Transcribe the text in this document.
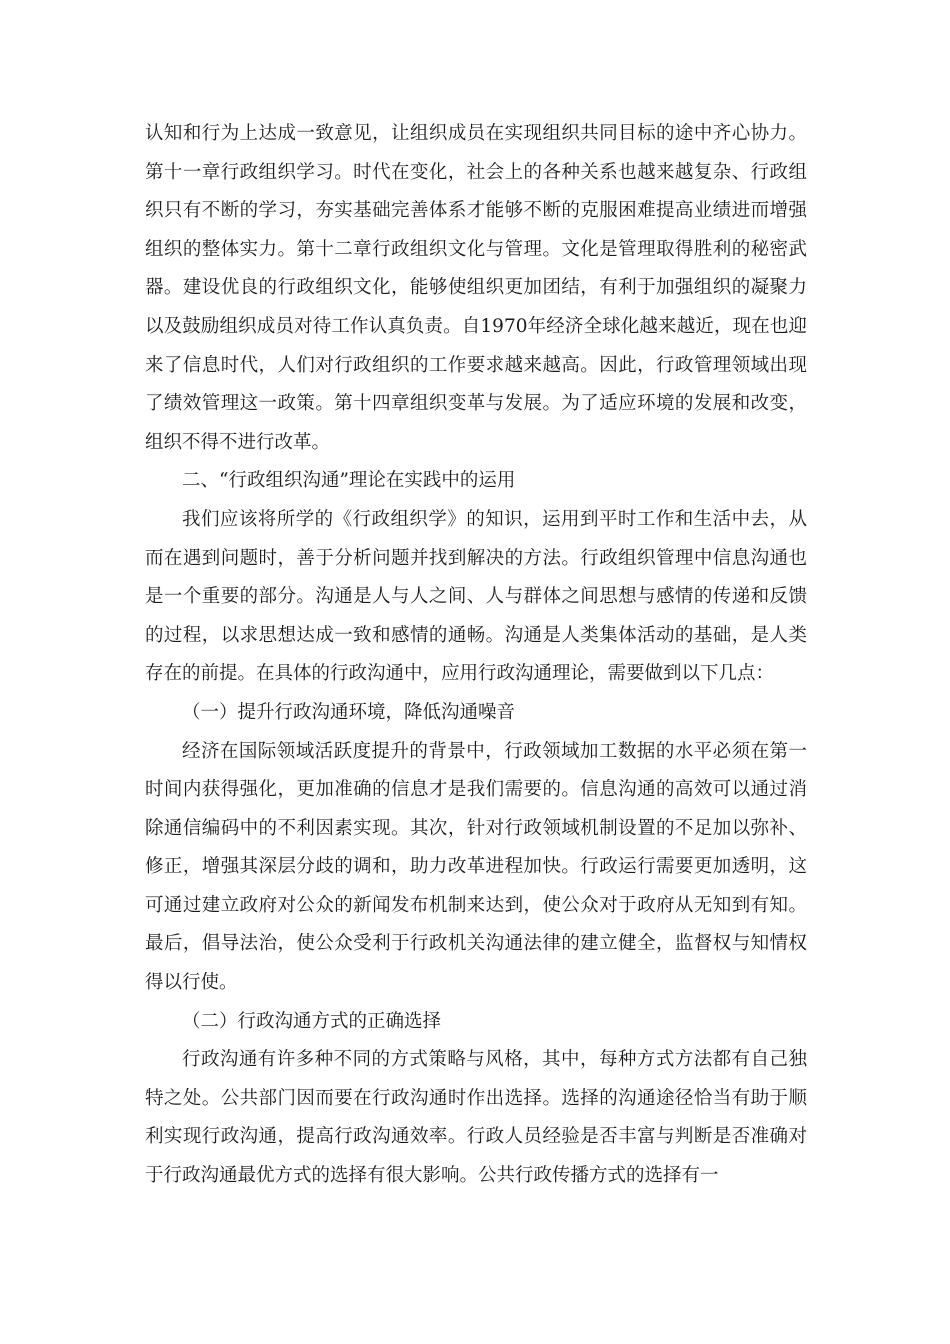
认知和行为上达成一致意见，让组织成员在实现组织共同目标的途中齐心协力。第十一章行政组织学习。时代在变化，社会上的各种关系也越来越复杂、行政组织只有不断的学习，夯实基础完善体系才能够不断的克服困难提高业绩进而增强组织的整体实力。第十二章行政组织文化与管理。文化是管理取得胜利的秘密武器。建设优良的行政组织文化，能够使组织更加团结，有利于加强组织的凝聚力以及鼓励组织成员对待工作认真负责。自1970年经济全球化越来越近，现在也迎来了信息时代，人们对行政组织的工作要求越来越高。因此，行政管理领域出现了绩效管理这一政策。第十四章组织变革与发展。为了适应环境的发展和改变，组织不得不进行改革。

二、“行政组织沟通”理论在实践中的运用

我们应该将所学的《行政组织学》的知识，运用到平时工作和生活中去，从而在遇到问题时，善于分析问题并找到解决的方法。行政组织管理中信息沟通也是一个重要的部分。沟通是人与人之间、人与群体之间思想与感情的传递和反馈的过程，以求思想达成一致和感情的通畅。沟通是人类集体活动的基础，是人类存在的前提。在具体的行政沟通中，应用行政沟通理论，需要做到以下几点：

（一）提升行政沟通环境，降低沟通噪音

经济在国际领域活跃度提升的背景中，行政领域加工数据的水平必须在第一时间内获得强化，更加准确的信息才是我们需要的。信息沟通的高效可以通过消除通信编码中的不利因素实现。其次，针对行政领域机制设置的不足加以弥补、修正，增强其深层分歧的调和，助力改革进程加快。行政运行需要更加透明，这可通过建立政府对公众的新闻发布机制来达到，使公众对于政府从无知到有知。最后，倡导法治，使公众受利于行政机关沟通法律的建立健全，监督权与知情权得以行使。

（二）行政沟通方式的正确选择

行政沟通有许多种不同的方式策略与风格，其中，每种方式方法都有自己独特之处。公共部门因而要在行政沟通时作出选择。选择的沟通途径恰当有助于顺利实现行政沟通，提高行政沟通效率。行政人员经验是否丰富与判断是否准确对于行政沟通最优方式的选择有很大影响。公共行政传播方式的选择有一
